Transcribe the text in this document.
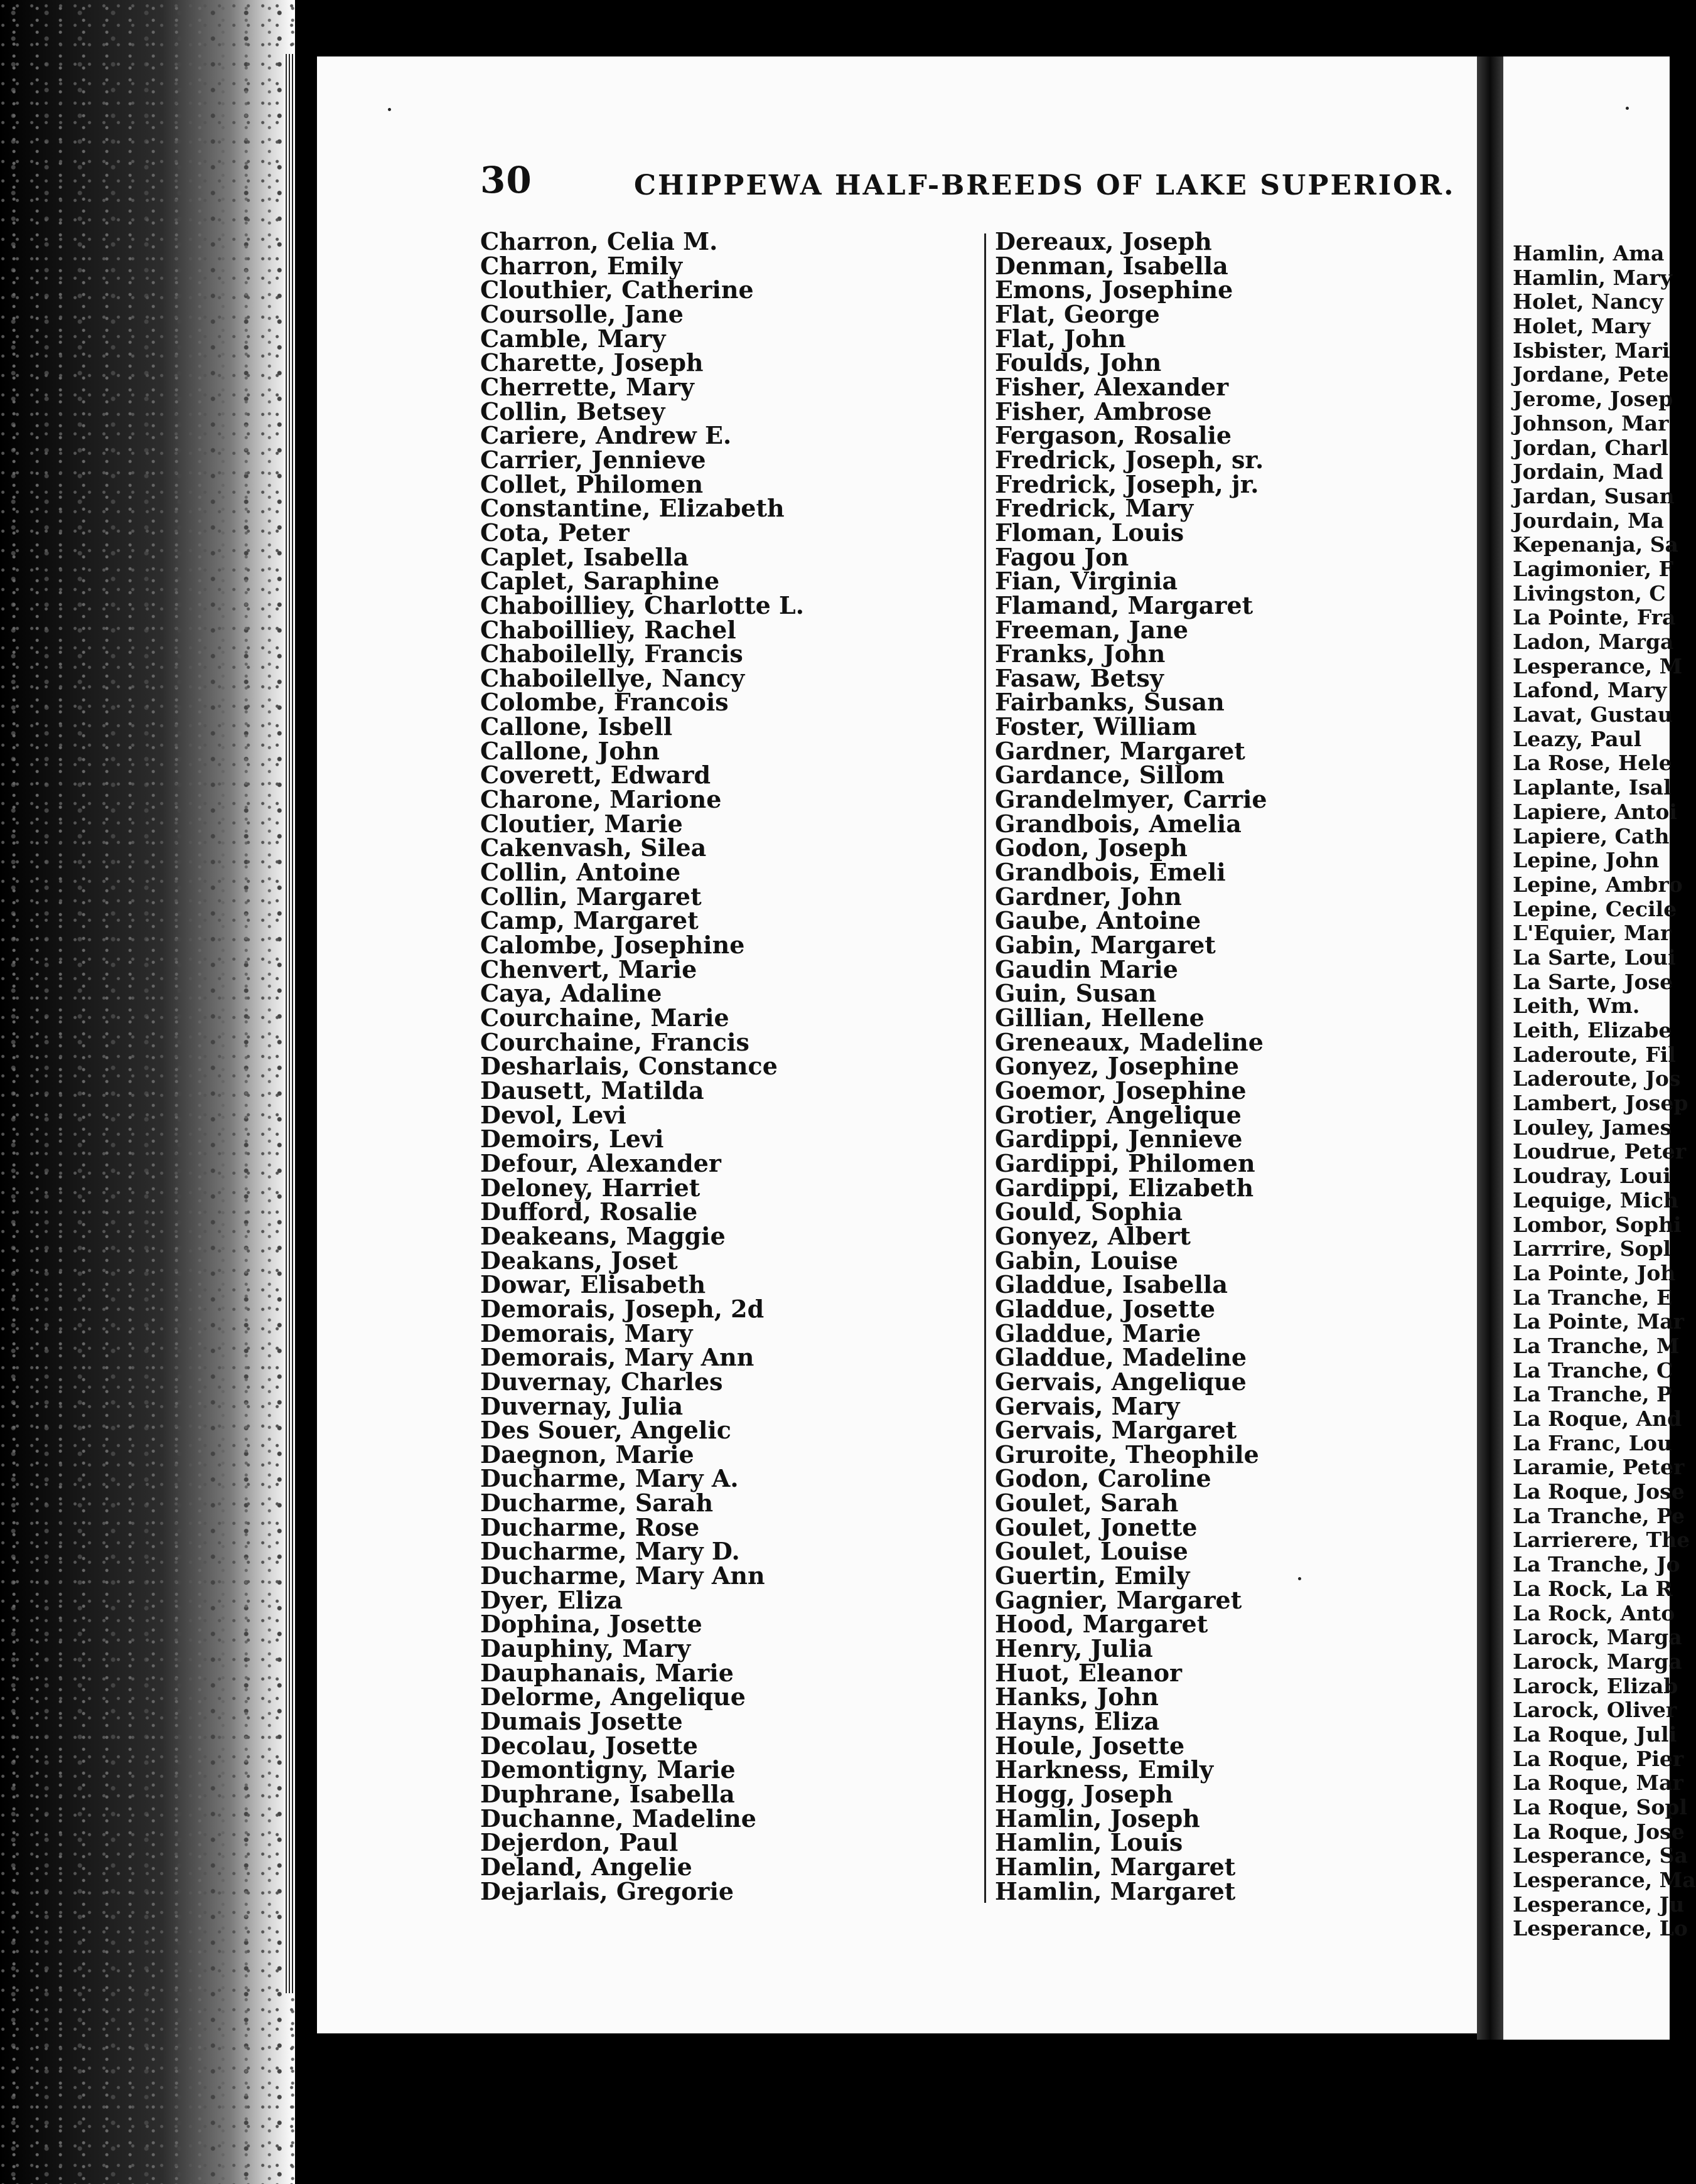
30	CHIPPEWA HALF-BREEDS OF LAKE SUPERIOR.
Charron, Celia M.
Charron, Emily
Clouthier, Catherine
Coursolle, Jane
Camble, Mary
Charette, Joseph
Cherrette, Mary
Collin, Betsey
Cariere, Andrew E.
Carrier, Jennieve
Collet, Philomen
Constantine, Elizabeth
Cota, Peter
Caplet, Isabella
Caplet, Saraphine
Chaboilliey, Charlotte L.
Chaboilliey, Rachel
Chaboilelly, Francis
Chaboilellye, Nancy
Colombe, Francois
Callone, Isbell
Callone, John
Coverett, Edward
Charone, Marione
Cloutier, Marie
Cakenvash, Silea
Collin, Antoine
Collin, Margaret
Camp, Margaret
Calombe, Josephine
Chenvert, Marie
Caya, Adaline
Courchaine, Marie
Courchaine, Francis
Desharlais, Constance
Dausett, Matilda
Devol, Levi
Demoirs, Levi
Defour, Alexander
Deloney, Harriet
Dufford, Rosalie
Deakeans, Maggie
Deakans, Joset
Dowar, Elisabeth
Demorais, Joseph, 2d
Demorais, Mary
Demorais, Mary Ann
Duvernay, Charles
Duvernay, Julia
Des Souer, Angelic
Daegnon, Marie
Ducharme, Mary A.
Ducharme, Sarah
Ducharme, Rose
Ducharme, Mary D.
Ducharme, Mary Ann
Dyer, Eliza
Dophina, Josette
Dauphiny, Mary
Dauphanais, Marie
Delorme, Angelique
Dumais Josette
Decolau, Josette
Demontigny, Marie
Duphrane, Isabella
Duchanne, Madeline
Dejerdon, Paul
Deland, Angelie
Dejarlais, Gregorie
Dereaux, Joseph
Denman, Isabella
Emons, Josephine
Flat, George
Flat, John
Foulds, John
Fisher, Alexander
Fisher, Ambrose
Fergason, Rosalie
Fredrick, Joseph, sr.
Fredrick, Joseph, jr.
Fredrick, Mary
Floman, Louis
Fagou Jon
Fian, Virginia
Flamand, Margaret
Freeman, Jane
Franks, John
Fasaw, Betsy
Fairbanks, Susan
Foster, William
Gardner, Margaret
Gardance, Sillom
Grandelmyer, Carrie
Grandbois, Amelia
Godon, Joseph
Grandbois, Emeli
Gardner, John
Gaube, Antoine
Gabin, Margaret
Gaudin Marie
Guin, Susan
Gillian, Hellene
Greneaux, Madeline
Gonyez, Josephine
Goemor, Josephine
Grotier, Angelique
Gardippi, Jennieve
Gardippi, Philomen
Gardippi, Elizabeth
Gould, Sophia
Gonyez, Albert
Gabin, Louise
Gladdue, Isabella
Gladdue, Josette
Gladdue, Marie
Gladdue, Madeline
Gervais, Angelique
Gervais, Mary
Gervais, Margaret
Gruroite, Theophile
Godon, Caroline
Goulet, Sarah
Goulet, Jonette
Goulet, Louise
Guertin, Emily
Gagnier, Margaret
Hood, Margaret
Henry, Julia
Huot, Eleanor
Hanks, John
Hayns, Eliza
Houle, Josette
Harkness, Emily
Hogg, Joseph
Hamlin, Joseph
Hamlin, Louis
Hamlin, Margaret
Hamlin, Margaret
Hamlin, Ama
Hamlin, Mary
Holet, Nancy
Holet, Mary
Isbister, Mari
Jordane, Pete
Jerome, Josep
Johnson, Mar
Jordan, Charl
Jordain, Mad
Jardan, Susan
Jourdain, Ma
Kepenanja, Sa
Lagimonier, F
Livingston, C
La Pointe, Fra
Ladon, Marga
Lesperance, M
Lafond, Mary
Lavat, Gustau
Leazy, Paul
La Rose, Hele
Laplante, Isal
Lapiere, Antoi
Lapiere, Cath
Lepine, John
Lepine, Ambro
Lepine, Cecile
L'Equier, Mar
La Sarte, Loui
La Sarte, Jose
Leith, Wm.
Leith, Elizabe
Laderoute, Fil
Laderoute, Jos
Lambert, Josep
Louley, James
Loudrue, Peter
Loudray, Loui
Lequige, Mich
Lombor, Sophi
Larrrire, Sopl
La Pointe, Joh
La Tranche, E
La Pointe, Mar
La Tranche, M
La Tranche, C
La Tranche, P
La Roque, And
La Franc, Lou
Laramie, Peter
La Roque, Jose
La Tranche, Pe
Larrierere, The
La Tranche, Jo
La Rock, La R
La Rock, Anto
Larock, Marga
Larock, Marga
Larock, Elizab
Larock, Oliver
La Roque, Juli
La Roque, Pier
La Roque, Mar
La Roque, Sopl
La Roque, Jose
Lesperance, Sa
Lesperance, Ma
Lesperance, Ju
Lesperance, Lo
